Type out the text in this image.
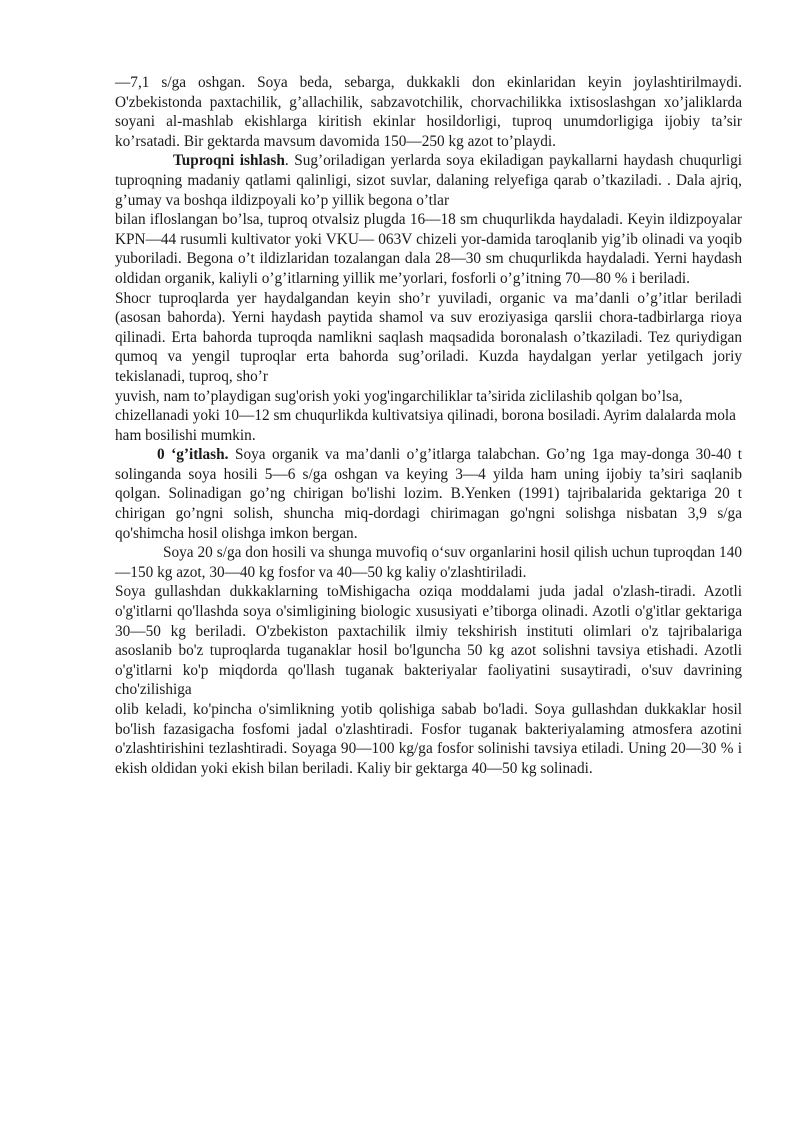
—7,1 s/ga oshgan. Soya beda, sebarga, dukkakli don ekinlaridan keyin joylashtirilmaydi. O'zbekistonda paxtachilik, g’allachilik, sabzavotchilik, chorvachilikka ixtisoslashgan xo’jaliklarda soyani al-mashlab ekishlarga kiritish ekinlar hosildorligi, tuproq unumdorligiga ijobiy ta’sir ko’rsatadi. Bir gektarda mavsum davomida 150—250 kg azot to’playdi.

Tuproqni ishlash. Sug’oriladigan yerlarda soya ekiladigan paykallarni haydash chuqurligi tuproqning madaniy qatlami qalinligi, sizot suvlar, dalaning relyefiga qarab o’tkaziladi. . Dala ajriq, g’umay va boshqa ildizpoyali ko’p yillik begona o’tlar

bilan ifloslangan bo’lsa, tuproq otvalsiz plugda 16—18 sm chuqurlikda haydaladi. Keyin ildizpoyalar KPN—44 rusumli kultivator yoki VKU— 063V chizeli yor-damida taroqlanib yig’ib olinadi va yoqib yuboriladi. Begona o’t ildizlaridan tozalangan dala 28—30 sm chuqurlikda haydaladi. Yerni haydash oldidan organik, kaliyli o’g’itlarning yillik me’yorlari, fosforli o’g’itning 70—80 % i beriladi.

Shocr tuproqlarda yer haydalgandan keyin sho’r yuviladi, organic va ma’danli o’g’itlar beriladi (asosan bahorda). Yerni haydash paytida shamol va suv eroziyasiga qarslii chora-tadbirlarga rioya qilinadi. Erta bahorda tuproqda namlikni saqlash maqsadida boronalash o’tkaziladi. Tez quriydigan qumoq va yengil tuproqlar erta bahorda sug’oriladi. Kuzda haydalgan yerlar yetilgach joriy tekislanadi, tuproq, sho’r

yuvish, nam to’playdigan sug'orish yoki yog'ingarchiliklar ta’sirida ziclilashib qolgan bo’lsa, chizellanadi yoki 10—12 sm chuqurlikda kultivatsiya qilinadi, borona bosiladi. Ayrim dalalarda mola ham bosilishi mumkin.

0 ‘g’itlash. Soya organik va ma’danli o’g’itlarga talabchan. Go’ng 1ga may-donga 30-40 t solinganda soya hosili 5—6 s/ga oshgan va keying 3—4 yilda ham uning ijobiy ta’siri saqlanib qolgan. Solinadigan go’ng chirigan bo'lishi lozim. B.Yenken (1991) tajribalarida gektariga 20 t chirigan go’ngni solish, shuncha miq-dordagi chirimagan go'ngni solishga nisbatan 3,9 s/ga qo'shimcha hosil olishga imkon bergan.

Soya 20 s/ga don hosili va shunga muvofiq o‘suv organlarini hosil qilish uchun tuproqdan 140—150 kg azot, 30—40 kg fosfor va 40—50 kg kaliy o'zlashtiriladi.

Soya gullashdan dukkaklarning toMishigacha oziqa moddalami juda jadal o'zlash-tiradi. Azotli o'g'itlarni qo'llashda soya o'simligining biologic xususiyati e’tiborga olinadi. Azotli o'g'itlar gektariga 30—50 kg beriladi. O'zbekiston paxtachilik ilmiy tekshirish instituti olimlari o'z tajribalariga asoslanib bo'z tuproqlarda tuganaklar hosil bo'lguncha 50 kg azot solishni tavsiya etishadi. Azotli o'g'itlarni ko'p miqdorda qo'llash tuganak bakteriyalar faoliyatini susaytiradi, o'suv davrining cho'zilishiga

olib keladi, ko'pincha o'simlikning yotib qolishiga sabab bo'ladi. Soya gullashdan dukkaklar hosil bo'lish fazasigacha fosfomi jadal o'zlashtiradi. Fosfor tuganak bakteriyalaming atmosfera azotini o'zlashtirishini tezlashtiradi. Soyaga 90—100 kg/ga fosfor solinishi tavsiya etiladi. Uning 20—30 % i ekish oldidan yoki ekish bilan beriladi. Kaliy bir gektarga 40—50 kg solinadi.
